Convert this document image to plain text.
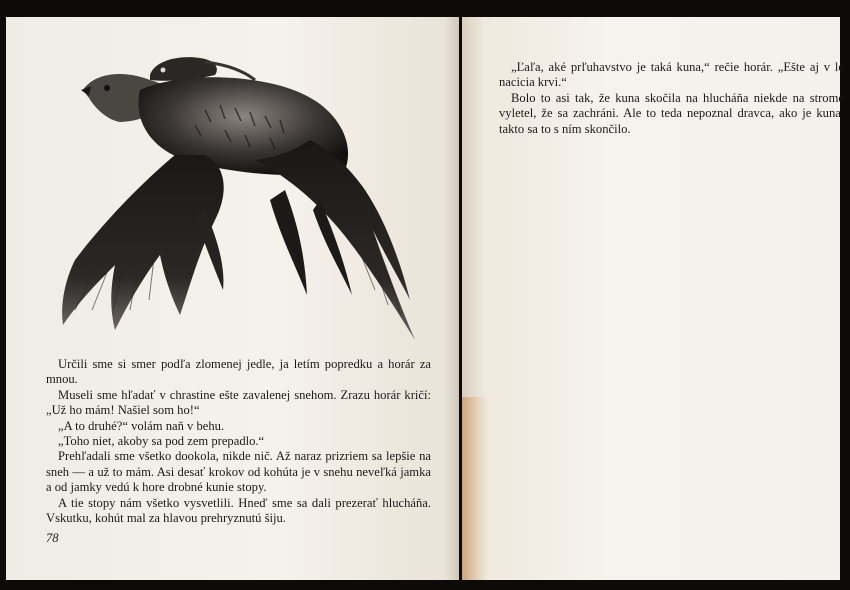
Určili sme si smer podľa zlomenej jedle, ja letím popredku a horár za mnou.

Museli sme hľadať v chrastine ešte zavalenej snehom. Zrazu horár kričí: „Už ho mám! Našiel som ho!“

„A to druhé?“ volám naň v behu.

„Toho niet, akoby sa pod zem prepadlo.“

Prehľadali sme všetko dookola, nikde nič. Až naraz prizriem sa lepšie na sneh — a už to mám. Asi desať krokov od kohúta je v snehu neveľká jamka a od jamky vedú k hore drobné kunie stopy.

A tie stopy nám všetko vysvetlili. Hneď sme sa dali prezerať hlucháňa. Vskutku, kohút mal za hlavou prehryznutú šiju.

78

„Ľaľa, aké prľuhavstvo je taká kuna,“ rečie horár. „Ešte aj v le nacicia krvi.“

Bolo to asi tak, že kuna skočila na hlucháňa niekde na strome vyletel, že sa zachráni. Ale to teda nepoznal dravca, ako je kuna. takto sa to s ním skončilo.
